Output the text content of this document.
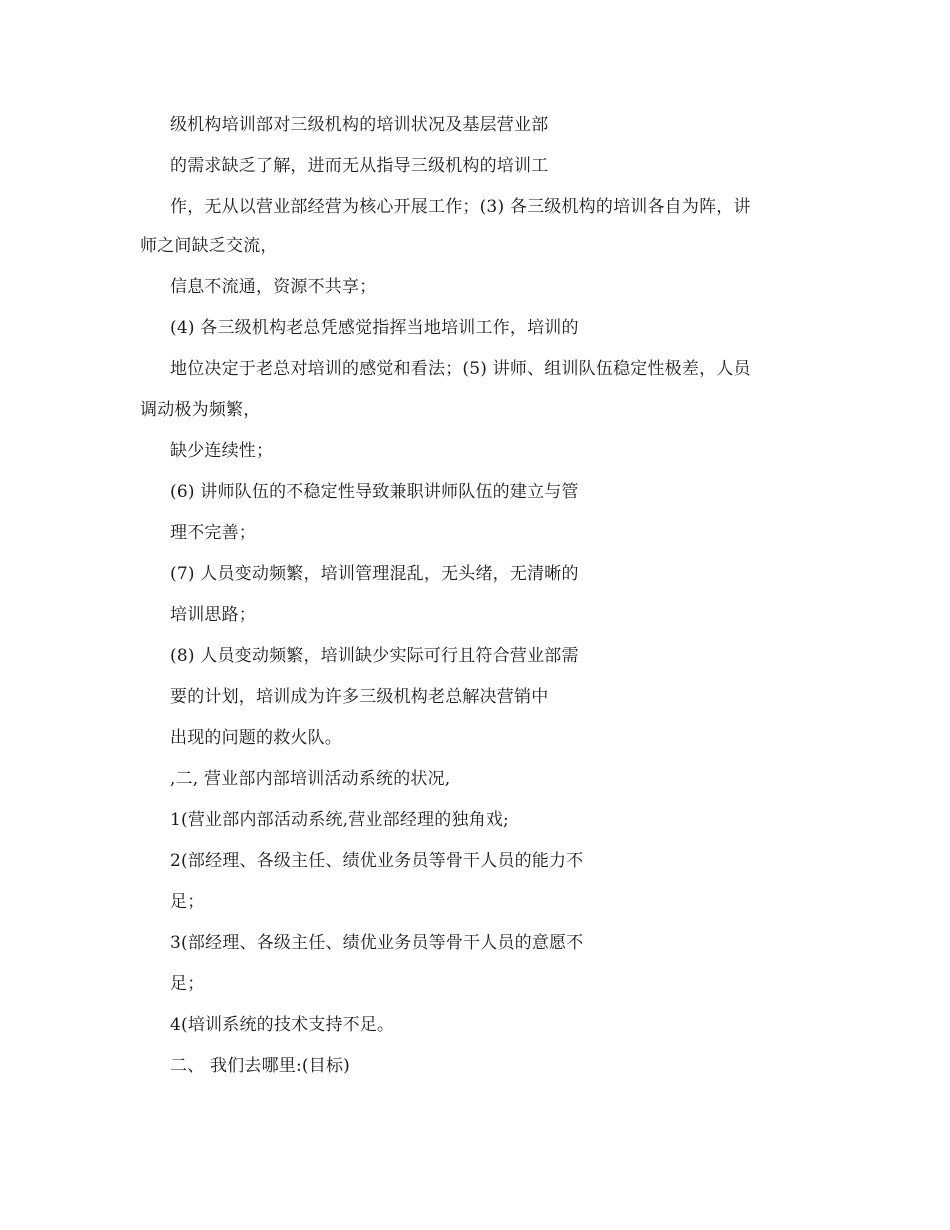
级机构培训部对三级机构的培训状况及基层营业部
的需求缺乏了解，进而无从指导三级机构的培训工
作，无从以营业部经营为核心开展工作；(3) 各三级机构的培训各自为阵，讲
师之间缺乏交流，
信息不流通，资源不共享；
(4) 各三级机构老总凭感觉指挥当地培训工作，培训的
地位决定于老总对培训的感觉和看法；(5) 讲师、组训队伍稳定性极差，人员
调动极为频繁，
缺少连续性；
(6) 讲师队伍的不稳定性导致兼职讲师队伍的建立与管
理不完善；
(7) 人员变动频繁，培训管理混乱，无头绪，无清晰的
培训思路；
(8) 人员变动频繁，培训缺少实际可行且符合营业部需
要的计划，培训成为许多三级机构老总解决营销中
出现的问题的救火队。
,二, 营业部内部培训活动系统的状况,
1(营业部内部活动系统,营业部经理的独角戏;
2(部经理、各级主任、绩优业务员等骨干人员的能力不
足；
3(部经理、各级主任、绩优业务员等骨干人员的意愿不
足；
4(培训系统的技术支持不足。
二、 我们去哪里:(目标)
